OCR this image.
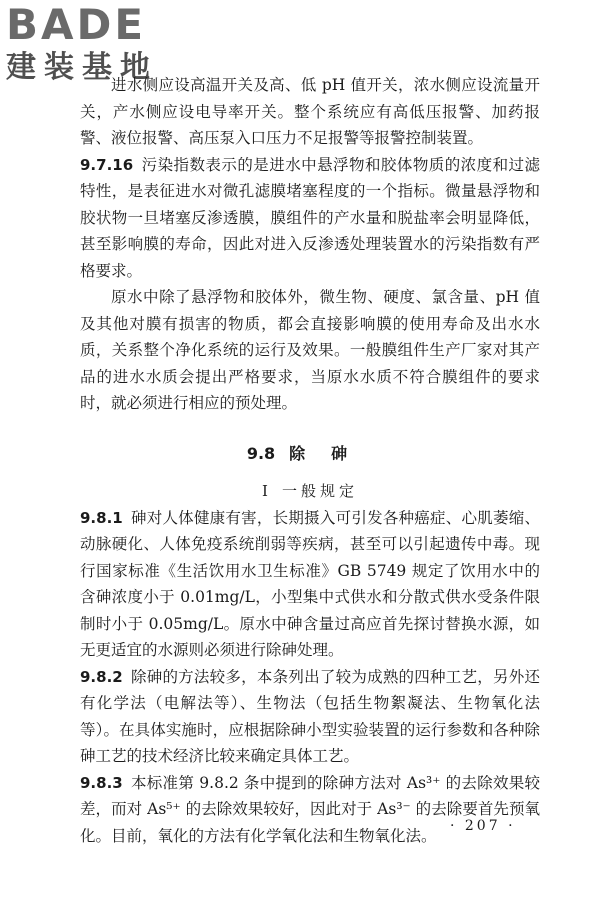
BADE
建装基地

进水侧应设高温开关及高、低 pH 值开关，浓水侧应设流量开关，产水侧应设电导率开关。整个系统应有高低压报警、加药报警、液位报警、高压泵入口压力不足报警等报警控制装置。

9.7.16 污染指数表示的是进水中悬浮物和胶体物质的浓度和过滤特性，是表征进水对微孔滤膜堵塞程度的一个指标。微量悬浮物和胶状物一旦堵塞反渗透膜，膜组件的产水量和脱盐率会明显降低，甚至影响膜的寿命，因此对进入反渗透处理装置水的污染指数有严格要求。

原水中除了悬浮物和胶体外，微生物、硬度、氯含量、pH 值及其他对膜有损害的物质，都会直接影响膜的使用寿命及出水水质，关系整个净化系统的运行及效果。一般膜组件生产厂家对其产品的进水水质会提出严格要求，当原水水质不符合膜组件的要求时，就必须进行相应的预处理。

9.8 除砷
Ⅰ 一般规定

9.8.1 砷对人体健康有害，长期摄入可引发各种癌症、心肌萎缩、动脉硬化、人体免疫系统削弱等疾病，甚至可以引起遗传中毒。现行国家标准《生活饮用水卫生标准》GB 5749 规定了饮用水中的含砷浓度小于 0.01mg/L，小型集中式供水和分散式供水受条件限制时小于 0.05mg/L。原水中砷含量过高应首先探讨替换水源，如无更适宜的水源则必须进行除砷处理。

9.8.2 除砷的方法较多，本条列出了较为成熟的四种工艺，另外还有化学法（电解法等）、生物法（包括生物絮凝法、生物氧化法等）。在具体实施时，应根据除砷小型实验装置的运行参数和各种除砷工艺的技术经济比较来确定具体工艺。

9.8.3 本标准第 9.8.2 条中提到的除砷方法对 As³⁺ 的去除效果较差，而对 As⁵⁺ 的去除效果较好，因此对于 As³⁻ 的去除要首先预氧化。目前，氧化的方法有化学氧化法和生物氧化法。

· 207 ·
